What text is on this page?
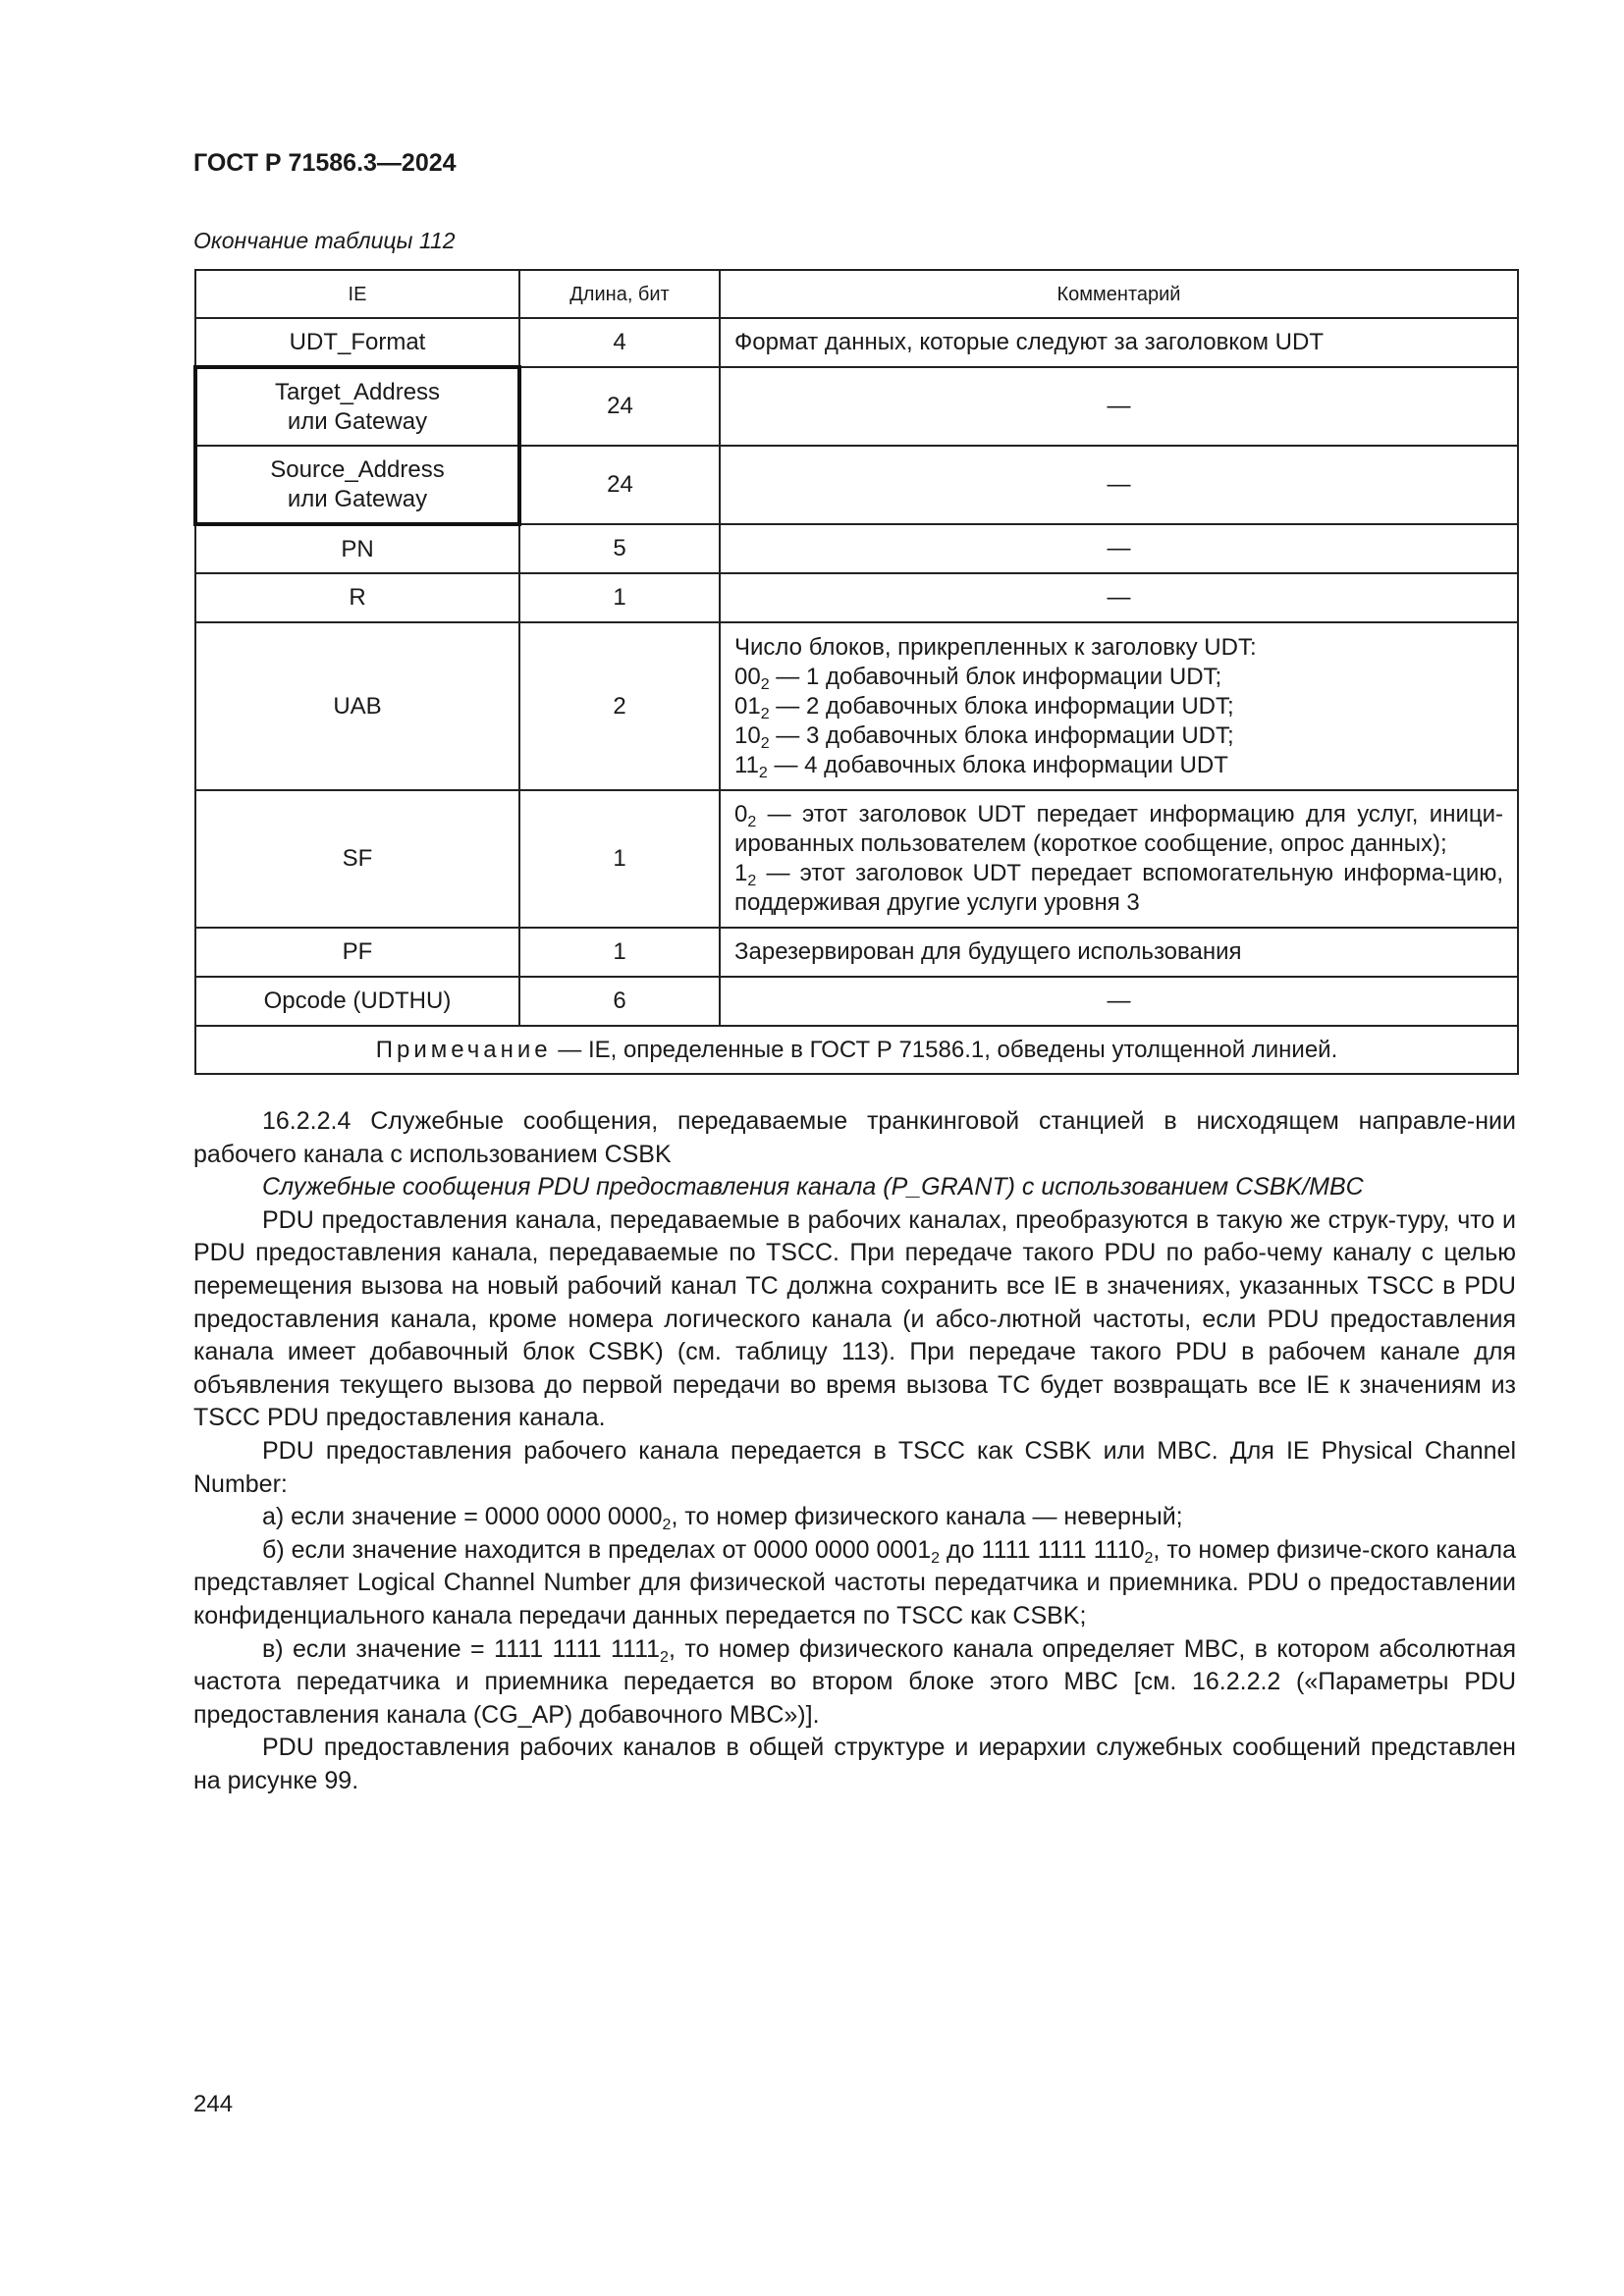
ГОСТ Р 71586.3—2024
Окончание таблицы 112
IE	Длина, бит	Комментарий
UDT_Format	4	Формат данных, которые следуют за заголовком UDT
Target_Address
или Gateway	24	—
Source_Address
или Gateway	24	—
PN	5	—
R	1	—
UAB	2	Число блоков, прикрепленных к заголовку UDT:
$00_2$ — 1 добавочный блок информации UDT;
$01_2$ — 2 добавочных блока информации UDT;
$10_2$ — 3 добавочных блока информации UDT;
$11_2$ — 4 добавочных блока информации UDT

SF	1	$0_2$ — этот заголовок UDT передает информацию для услуг, иници-ированных пользователем (короткое сообщение, опрос данных);
$1_2$ — этот заголовок UDT передает вспомогательную информа-цию, поддерживая другие услуги уровня 3

PF	1	Зарезервирован для будущего использования
Opcode (UDTHU)	6	—
Примечание — IE, определенные в ГОСТ Р 71586.1, обведены утолщенной линией.		

16.2.2.4 Служебные сообщения, передаваемые транкинговой станцией в нисходящем направле-нии рабочего канала с использованием CSBK

Служебные сообщения PDU предоставления канала (P_GRANT) с использованием CSBK/MBC

PDU предоставления канала, передаваемые в рабочих каналах, преобразуются в такую же струк-туру, что и PDU предоставления канала, передаваемые по TSCC. При передаче такого PDU по рабо-чему каналу с целью перемещения вызова на новый рабочий канал TC должна сохранить все IE в значениях, указанных TSCC в PDU предоставления канала, кроме номера логического канала (и абсо-лютной частоты, если PDU предоставления канала имеет добавочный блок CSBK) (см. таблицу 113). При передаче такого PDU в рабочем канале для объявления текущего вызова до первой передачи во время вызова TC будет возвращать все IE к значениям из TSCC PDU предоставления канала.

PDU предоставления рабочего канала передается в TSCC как CSBK или MBC. Для IE Physical Channel Number:

а) если значение = 0000 0000 $0000_2$, то номер физического канала — неверный;

б) если значение находится в пределах от 0000 0000 $0001_2$ до 1111 1111 $1110_2$, то номер физиче-ского канала представляет Logical Channel Number для физической частоты передатчика и приемника. PDU о предоставлении конфиденциального канала передачи данных передается по TSCC как CSBK;

в) если значение = 1111 1111 $1111_2$, то номер физического канала определяет MBC, в котором абсолютная частота передатчика и приемника передается во втором блоке этого MBC [см. 16.2.2.2 («Параметры PDU предоставления канала (CG_AP) добавочного MBC»)].

PDU предоставления рабочих каналов в общей структуре и иерархии служебных сообщений представлен на рисунке 99.

244
